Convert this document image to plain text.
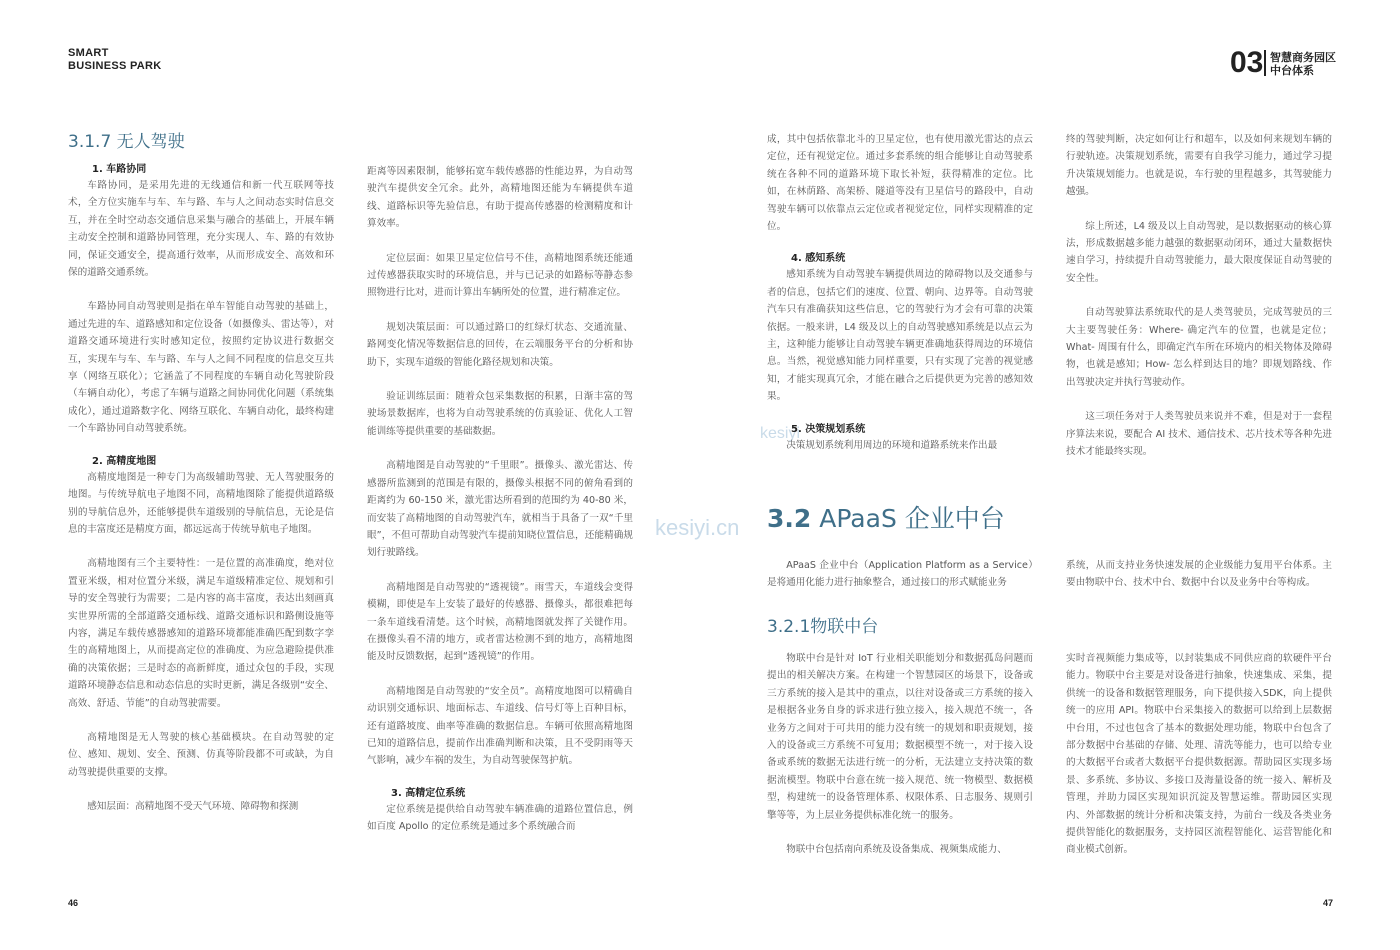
SMART
BUSINESS PARK	03 智慧商务园区
中台体系
kesiyi
kesiyi.cn
3.1.7 无人驾驶
1. 车路协同

车路协同，是采用先进的无线通信和新一代互联网等技术，全方位实施车与车、车与路、车与人之间动态实时信息交互，并在全时空动态交通信息采集与融合的基础上，开展车辆主动安全控制和道路协同管理，充分实现人、车、路的有效协同，保证交通安全，提高通行效率，从而形成安全、高效和环保的道路交通系统。

车路协同自动驾驶则是指在单车智能自动驾驶的基础上，通过先进的车、道路感知和定位设备（如摄像头、雷达等），对道路交通环境进行实时感知定位，按照约定协议进行数据交互，实现车与车、车与路、车与人之间不同程度的信息交互共享（网络互联化）；它涵盖了不同程度的车辆自动化驾驶阶段（车辆自动化），考虑了车辆与道路之间协同优化问题（系统集成化），通过道路数字化、网络互联化、车辆自动化，最终构建一个车路协同自动驾驶系统。

2. 高精度地图

高精度地图是一种专门为高级辅助驾驶、无人驾驶服务的地图。与传统导航电子地图不同，高精地图除了能提供道路级别的导航信息外，还能够提供车道级别的导航信息，无论是信息的丰富度还是精度方面，都远远高于传统导航电子地图。

高精地图有三个主要特性：一是位置的高准确度，绝对位置亚米级，相对位置分米级，满足车道级精准定位、规划和引导的安全驾驶行为需要；二是内容的高丰富度，表达出刻画真实世界所需的全部道路交通标线、道路交通标识和路侧设施等内容，满足车载传感器感知的道路环境都能准确匹配到数字孪生的高精地图上，从而提高定位的准确度、为应急避险提供准确的决策依据；三是时态的高新鲜度，通过众包的手段，实现道路环境静态信息和动态信息的实时更新，满足各级别“安全、高效、舒适、节能”的自动驾驶需要。

高精地图是无人驾驶的核心基础模块。在自动驾驶的定位、感知、规划、安全、预测、仿真等阶段都不可或缺，为自动驾驶提供重要的支撑。

感知层面：高精地图不受天气环境、障碍物和探测

距离等因素限制，能够拓宽车载传感器的性能边界，为自动驾驶汽车提供安全冗余。此外，高精地图还能为车辆提供车道线、道路标识等先验信息，有助于提高传感器的检测精度和计算效率。

定位层面：如果卫星定位信号不佳，高精地图系统还能通过传感器获取实时的环境信息，并与已记录的如路标等静态参照物进行比对，进而计算出车辆所处的位置，进行精准定位。

规划决策层面：可以通过路口的红绿灯状态、交通流量、路网变化情况等数据信息的回传，在云端服务平台的分析和协助下，实现车道级的智能化路径规划和决策。

验证训练层面：随着众包采集数据的积累，日渐丰富的驾驶场景数据库，也将为自动驾驶系统的仿真验证、优化人工智能训练等提供重要的基础数据。

高精地图是自动驾驶的“千里眼”。摄像头、激光雷达、传感器所监测到的范围是有限的，摄像头根据不同的俯角看到的距离约为 60-150 米，激光雷达所看到的范围约为 40-80 米，而安装了高精地图的自动驾驶汽车，就相当于具备了一双“千里眼”，不但可帮助自动驾驶汽车提前知晓位置信息，还能精确规划行驶路线。

高精地图是自动驾驶的“透视镜”。雨雪天，车道线会变得模糊，即使是车上安装了最好的传感器、摄像头，都很难把每一条车道线看清楚。这个时候，高精地图就发挥了关键作用。在摄像头看不清的地方，或者雷达检测不到的地方，高精地图能及时反馈数据，起到“透视镜”的作用。

高精地图是自动驾驶的“安全员”。高精度地图可以精确自动识别交通标识、地面标志、车道线、信号灯等上百种目标，还有道路坡度、曲率等准确的数据信息。车辆可依照高精地图已知的道路信息，提前作出准确判断和决策，且不受阴雨等天气影响，减少车祸的发生，为自动驾驶保驾护航。

3. 高精定位系统

定位系统是提供给自动驾驶车辆准确的道路位置信息，例如百度 Apollo 的定位系统是通过多个系统融合而

成，其中包括依靠北斗的卫星定位，也有使用激光雷达的点云定位，还有视觉定位。通过多套系统的组合能够让自动驾驶系统在各种不同的道路环境下取长补短，获得精准的定位。比如，在林荫路、高架桥、隧道等没有卫星信号的路段中，自动驾驶车辆可以依靠点云定位或者视觉定位，同样实现精准的定位。

4. 感知系统

感知系统为自动驾驶车辆提供周边的障碍物以及交通参与者的信息，包括它们的速度、位置、朝向、边界等。自动驾驶汽车只有准确获知这些信息，它的驾驶行为才会有可靠的决策依据。一般来讲，L4 级及以上的自动驾驶感知系统是以点云为主，这种能力能够让自动驾驶车辆更准确地获得周边的环境信息。当然，视觉感知能力同样重要，只有实现了完善的视觉感知，才能实现真冗余，才能在融合之后提供更为完善的感知效果。

5. 决策规划系统

决策规划系统利用周边的环境和道路系统来作出最

终的驾驶判断，决定如何让行和超车，以及如何来规划车辆的行驶轨迹。决策规划系统，需要有自我学习能力，通过学习提升决策规划能力。也就是说，车行驶的里程越多，其驾驶能力越强。

综上所述，L4 级及以上自动驾驶，是以数据驱动的核心算法，形成数据越多能力越强的数据驱动闭环，通过大量数据快速自学习，持续提升自动驾驶能力，最大限度保证自动驾驶的安全性。

自动驾驶算法系统取代的是人类驾驶员，完成驾驶员的三大主要驾驶任务：Where- 确定汽车的位置，也就是定位；What- 周围有什么，即确定汽车所在环境内的相关物体及障碍物，也就是感知；How- 怎么样到达目的地？即规划路线、作出驾驶决定并执行驾驶动作。

这三项任务对于人类驾驶员来说并不难，但是对于一套程序算法来说，要配合 AI 技术、通信技术、芯片技术等各种先进技术才能最终实现。

3.2 APaaS 企业中台

APaaS 企业中台（Application Platform as a Service）是将通用化能力进行抽象整合，通过接口的形式赋能业务

系统，从而支持业务快速发展的企业级能力复用平台体系。主要由物联中台、技术中台、数据中台以及业务中台等构成。

3.2.1物联中台

物联中台是针对 IoT 行业相关职能划分和数据孤岛问题而提出的相关解决方案。在构建一个智慧园区的场景下，设备或三方系统的接入是其中的重点，以往对设备或三方系统的接入是根据各业务自身的诉求进行独立接入，接入规范不统一，各业务方之间对于可共用的能力没有统一的规划和职责规划，接入的设备或三方系统不可复用；数据模型不统一，对于接入设备或系统的数据无法进行统一的分析，无法建立支持决策的数据流模型。物联中台意在统一接入规范、统一物模型、数据模型，构建统一的设备管理体系、权限体系、日志服务、规则引擎等等，为上层业务提供标准化统一的服务。

物联中台包括南向系统及设备集成、视频集成能力、

实时音视频能力集成等，以封装集成不同供应商的软硬件平台能力。物联中台主要是对设备进行抽象，快速集成、采集，提供统一的设备和数据管理服务，向下提供接入SDK，向上提供统一的应用 API。物联中台采集接入的数据可以给到上层数据中台用，不过也包含了基本的数据处理功能，物联中台包含了部分数据中台基础的存储、处理、清洗等能力，也可以给专业的大数据平台或者大数据平台提供数据源。帮助园区实现多场景、多系统、多协议、多接口及海量设备的统一接入、解析及管理，并助力园区实现知识沉淀及智慧运维。帮助园区实现内、外部数据的统计分析和决策支持，为前台一线及各类业务提供智能化的数据服务，支持园区流程智能化、运营智能化和商业模式创新。

46	47
